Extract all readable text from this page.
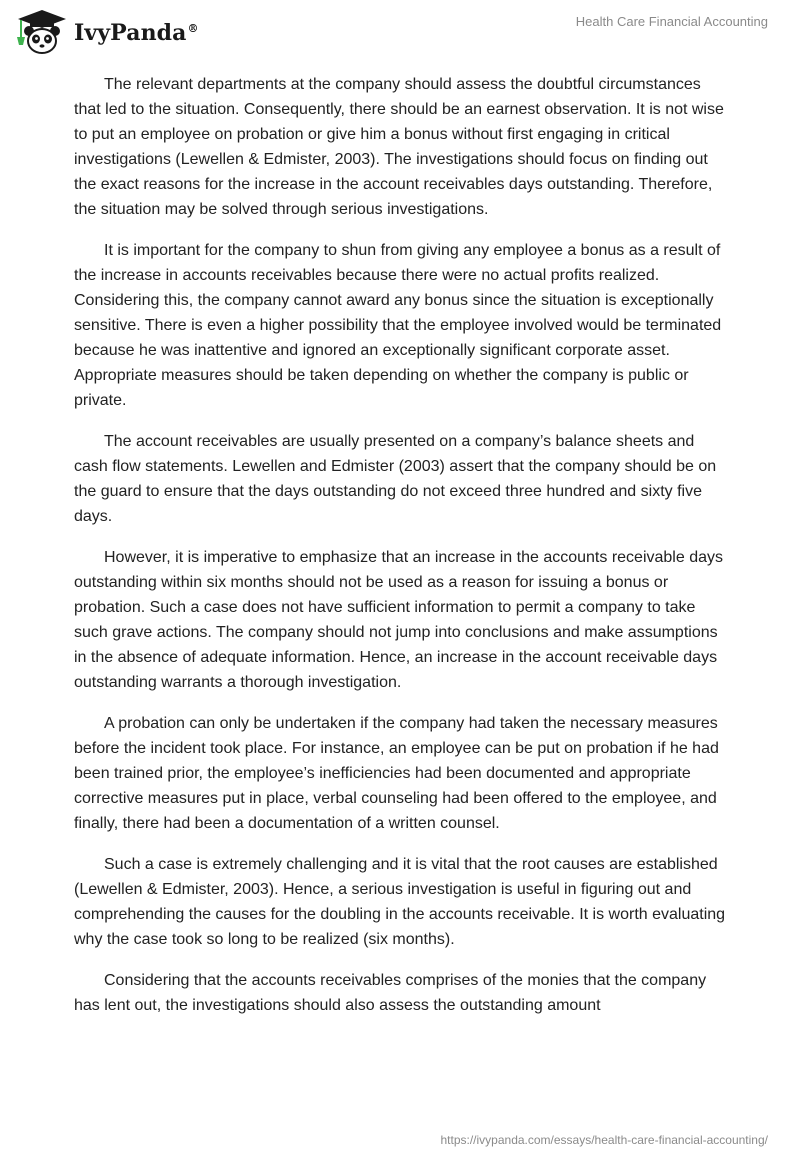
IvyPanda®	Health Care Financial Accounting

The relevant departments at the company should assess the doubtful circumstances that led to the situation. Consequently, there should be an earnest observation. It is not wise to put an employee on probation or give him a bonus without first engaging in critical investigations (Lewellen & Edmister, 2003). The investigations should focus on finding out the exact reasons for the increase in the account receivables days outstanding. Therefore, the situation may be solved through serious investigations.

It is important for the company to shun from giving any employee a bonus as a result of the increase in accounts receivables because there were no actual profits realized. Considering this, the company cannot award any bonus since the situation is exceptionally sensitive. There is even a higher possibility that the employee involved would be terminated because he was inattentive and ignored an exceptionally significant corporate asset. Appropriate measures should be taken depending on whether the company is public or private.

The account receivables are usually presented on a company’s balance sheets and cash flow statements. Lewellen and Edmister (2003) assert that the company should be on the guard to ensure that the days outstanding do not exceed three hundred and sixty five days.

However, it is imperative to emphasize that an increase in the accounts receivable days outstanding within six months should not be used as a reason for issuing a bonus or probation. Such a case does not have sufficient information to permit a company to take such grave actions. The company should not jump into conclusions and make assumptions in the absence of adequate information. Hence, an increase in the account receivable days outstanding warrants a thorough investigation.

A probation can only be undertaken if the company had taken the necessary measures before the incident took place. For instance, an employee can be put on probation if he had been trained prior, the employee’s inefficiencies had been documented and appropriate corrective measures put in place, verbal counseling had been offered to the employee, and finally, there had been a documentation of a written counsel.

Such a case is extremely challenging and it is vital that the root causes are established (Lewellen & Edmister, 2003). Hence, a serious investigation is useful in figuring out and comprehending the causes for the doubling in the accounts receivable. It is worth evaluating why the case took so long to be realized (six months).

Considering that the accounts receivables comprises of the monies that the company has lent out, the investigations should also assess the outstanding amount

https://ivypanda.com/essays/health-care-financial-accounting/
